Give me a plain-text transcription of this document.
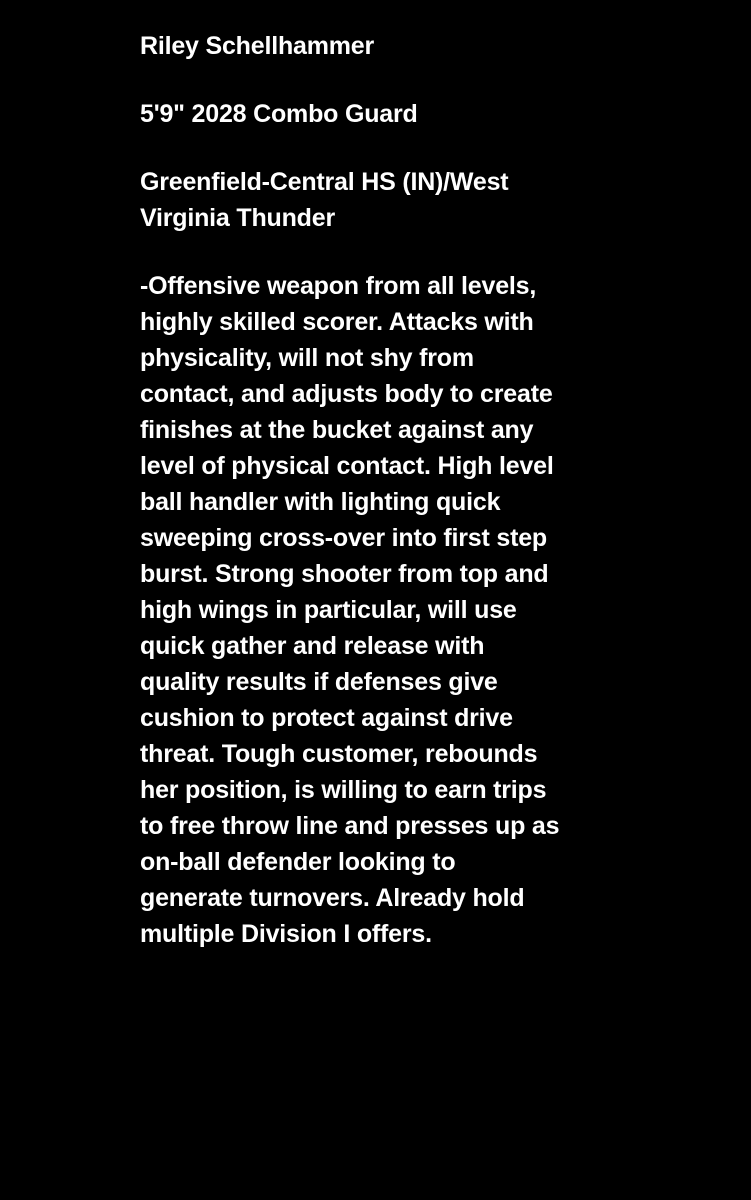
Riley Schellhammer

5'9" 2028 Combo Guard

Greenfield-Central HS (IN)/West

Virginia Thunder

-Offensive weapon from all levels,

highly skilled scorer. Attacks with

physicality, will not shy from

contact, and adjusts body to create

finishes at the bucket against any

level of physical contact. High level

ball handler with lighting quick

sweeping cross-over into first step

burst. Strong shooter from top and

high wings in particular, will use

quick gather and release with

quality results if defenses give

cushion to protect against drive

threat. Tough customer, rebounds

her position, is willing to earn trips

to free throw line and presses up as

on-ball defender looking to

generate turnovers. Already hold

multiple Division I offers.
